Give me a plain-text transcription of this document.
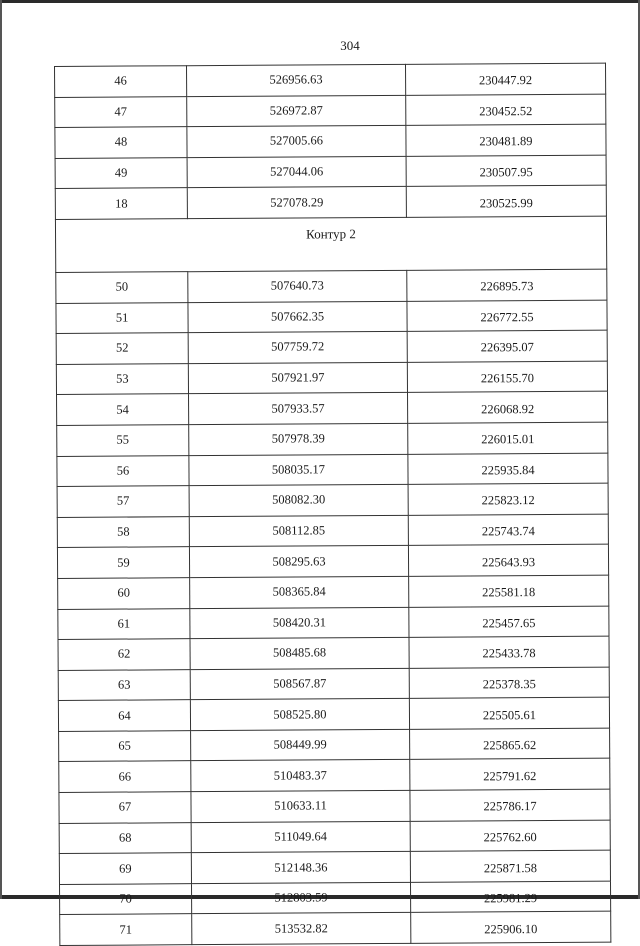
304
46	526956.63	230447.92
47	526972.87	230452.52
48	527005.66	230481.89
49	527044.06	230507.95
18	527078.29	230525.99
Контур 2		
50	507640.73	226895.73
51	507662.35	226772.55
52	507759.72	226395.07
53	507921.97	226155.70
54	507933.57	226068.92
55	507978.39	226015.01
56	508035.17	225935.84
57	508082.30	225823.12
58	508112.85	225743.74
59	508295.63	225643.93
60	508365.84	225581.18
61	508420.31	225457.65
62	508485.68	225433.78
63	508567.87	225378.35
64	508525.80	225505.61
65	508449.99	225865.62
66	510483.37	225791.62
67	510633.11	225786.17
68	511049.64	225762.60
69	512148.36	225871.58
70	512803.59	225981.29
71	513532.82	225906.10
